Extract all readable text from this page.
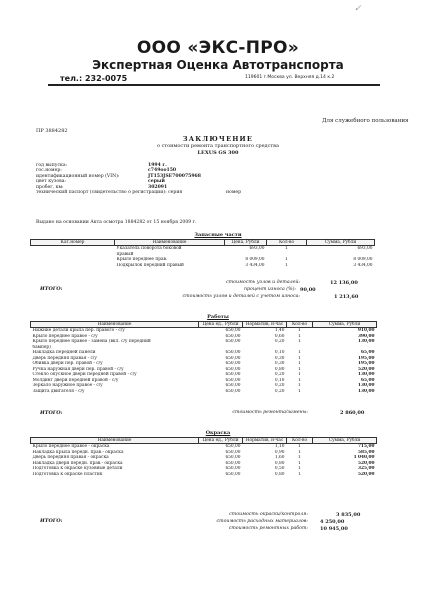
✓
ООО «ЭКС-ПРО»
Экспертная Оценка Автотранспорта
тел.: 232-0075	119601 г.Москва ул. Верхняя д.14 к.2
Для служебного пользования
ПР 3884282
ЗАКЛЮЧЕНИЕ
о стоимости ремонта транспортного средства
LEXUS GS 300
год выпуска:	1994 г.
гос.номер:	с749оо150
идентификационный номер (VIN):	JT153JSE700075968
цвет кузова:	серый
пробег, км:	302091
технический паспорт (свидетельство о регистрации): серия	номер
Выдано на основании Акта осмотра 1884282 от 15 ноября 2009 г.
Запасные части
Кат.номер	Наименование	Цена, Рубли	Кол-во	Сумма, Рубли
	Указатель поворота боковой	693,00	1	693,00
	правый			
	Крыло переднее прав.	8 009,00	1	8 009,00
	Подкрылок передний правый	3 434,00	1	3 434,00
ИТОГО:
стоимость узлов и деталей:	12 136,00
процент износа (%): 90,00
стоимость узлов и деталей с учетом износа:	1 213,60
Работы
Наименование	Цена ед., Рубли	Норматив, н-час	Кол-во	Сумма, Рубли
Нижние детали крыла пер. правого - с/у	650,00	1,40	1	910,00
Крыло переднее правое - с/у	650,00	0,60	1	390,00
Крыло переднее правое - замена (вкл. с/у передний	650,00	0,20	1	130,00
бампер)				
Накладка передней панели	650,00	0,10	1	65,00
Дверь передняя правая - с/у	650,00	0,30	1	195,00
Обивка двери пер. правой - с/у	650,00	0,30	1	195,00
Ручка наружная двери пер. правой - с/у	650,00	0,80	1	520,00
Стекло опускное двери передней правой - с/у	650,00	0,20	1	130,00
Молдинг двери передней правой - с/у	650,00	0,10	1	65,00
Зеркало наружное правое - с/у	650,00	0,20	1	130,00
Защита двигателя - с/у	650,00	0,20	1	130,00
ИТОГО:	стоимость ремонта/замены:	2 860,00
Окраска
Наименование	Цена ед., Рубли	Норматив, н-час	Кол-во	Сумма, Рубли
Крыло переднее правое - окраска	650,00	1,10	1	715,00
Накладка крыла передн. прав.- окраска	650,00	0,90	1	585,00
Дверь передняя правая - окраска	650,00	1,60	1	1 040,00
Накладка двери передн. прав.- окраска	650,00	0,80	1	520,00
Подготовка к окраске кузовные детали	650,00	0,50	1	325,00
Подготовка к окраске пластик	650,00	0,80	1	520,00
ИТОГО:
стоимость окраски/контроля:	3 835,00
стоимость расходных материалов: 4 250,00
стоимость ремонтных работ: 10 945,00
